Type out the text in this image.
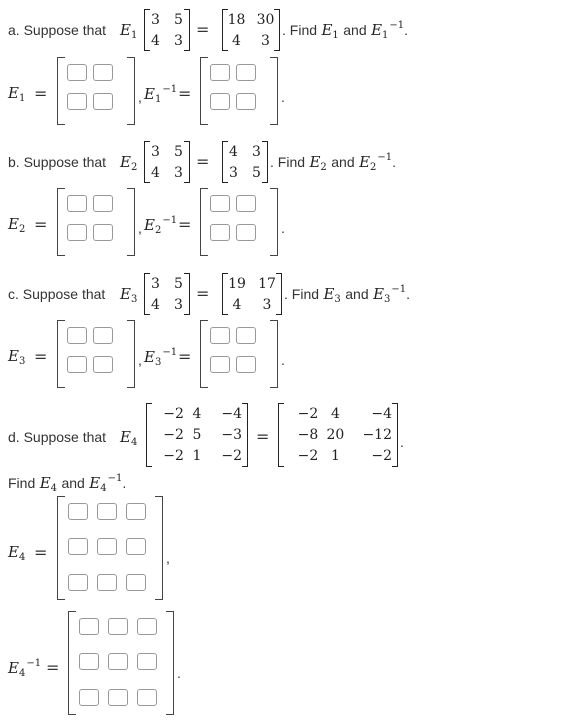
a. Suppose that $E_1$
3	5
4	3
=
18 30
4	3
. Find $E_1$ and $E_1^{-1}$.
$E_1$ =	, $E_1^{-1}$ =	.
b. Suppose that $E_2$
3	5
4	3
=
4	3
3	5
. Find $E_2$ and $E_2^{-1}$.
$E_2$ =	, $E_2^{-1}$ =	.
c. Suppose that $E_3$
3	5
4	3
=
19 17
4	3
. Find $E_3$ and $E_3^{-1}$.
$E_3$ =	, $E_3^{-1}$ =	.
d. Suppose that $E_4$
−2 4	−4
−2 5	−3
−2 1	−2
=
−2 4	−4
−8 20	−12
−2 1	−2
.
Find $E_4$ and $E_4^{-1}$.
$E_4$ =	,
$E_4^{-1}$ =	.
